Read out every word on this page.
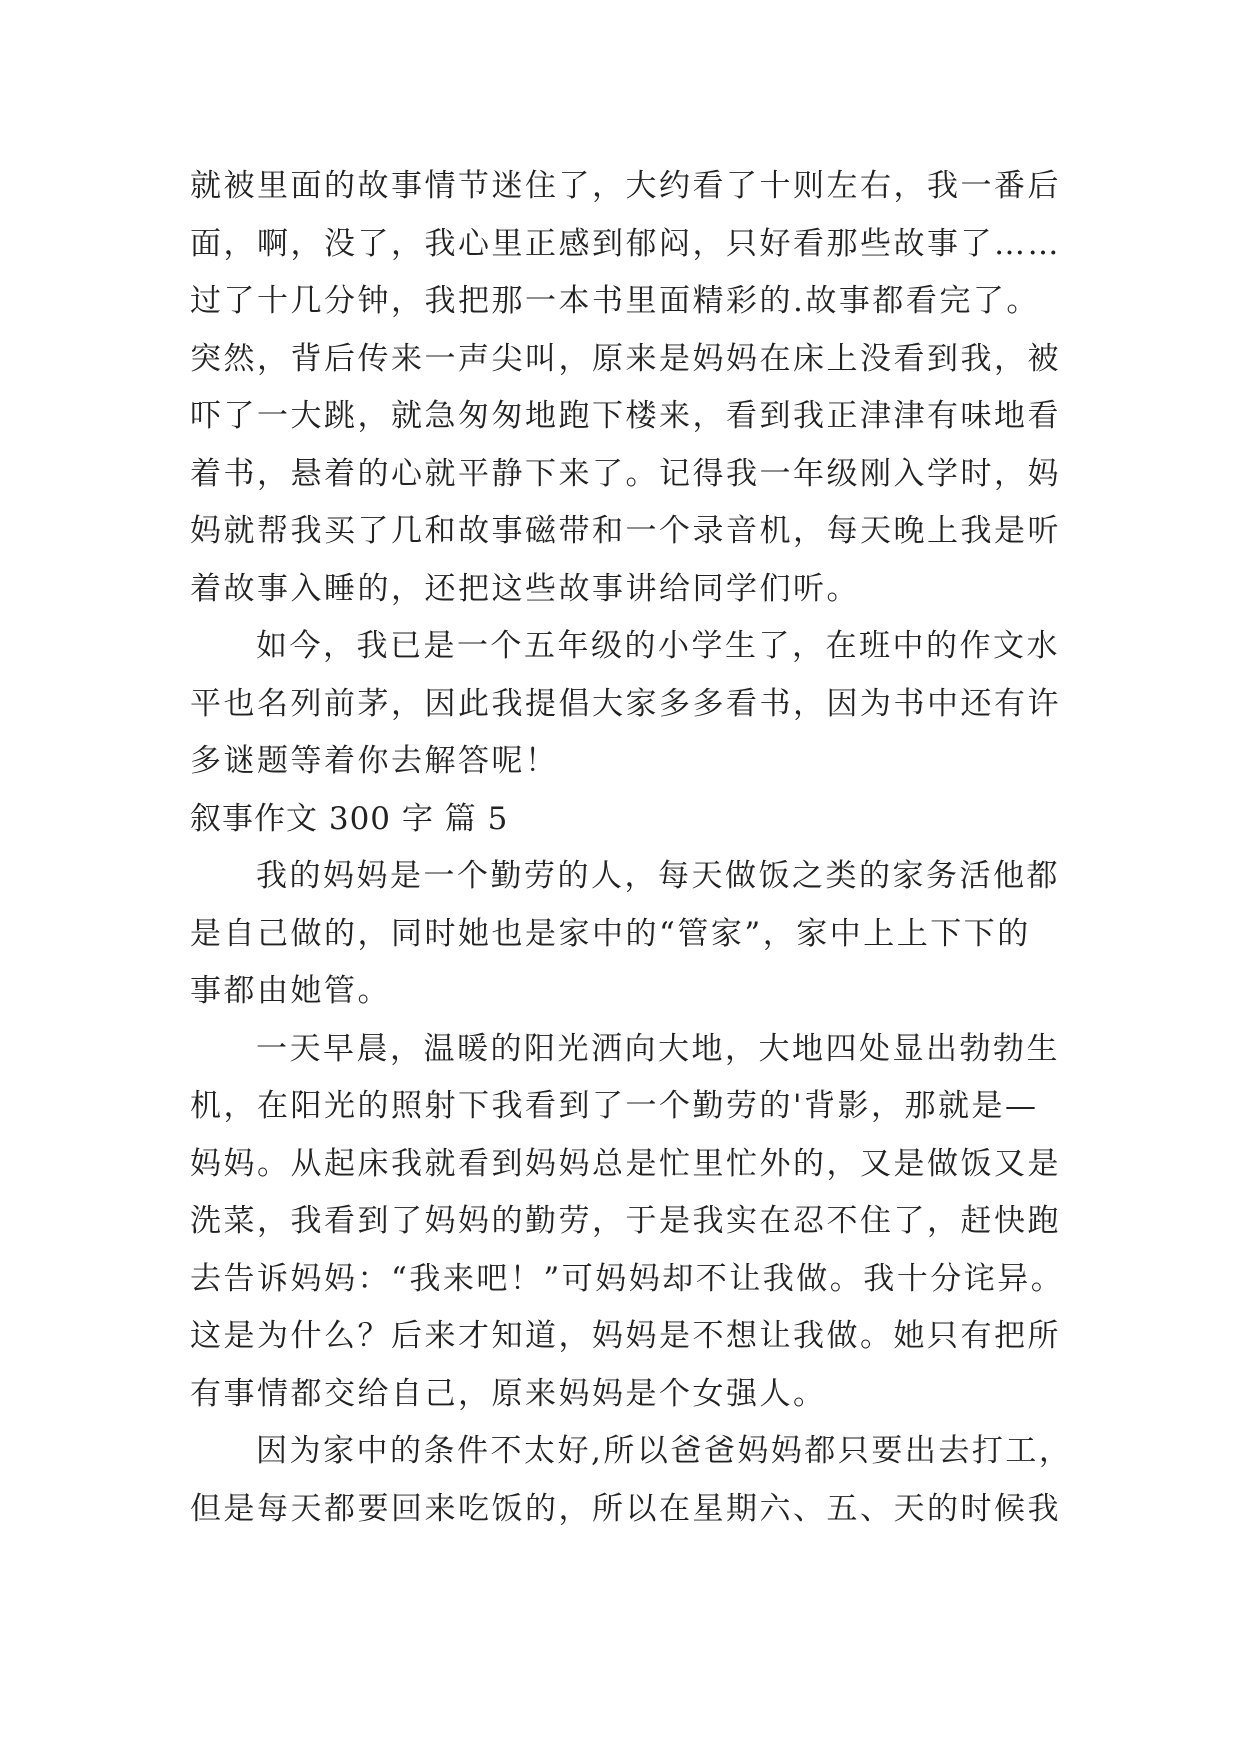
就被里面的故事情节迷住了，大约看了十则左右，我一番后
面，啊，没了，我心里正感到郁闷，只好看那些故事了……
过了十几分钟，我把那一本书里面精彩的.故事都看完了。
突然，背后传来一声尖叫，原来是妈妈在床上没看到我，被
吓了一大跳，就急匆匆地跑下楼来，看到我正津津有味地看
着书，悬着的心就平静下来了。记得我一年级刚入学时，妈
妈就帮我买了几和故事磁带和一个录音机，每天晚上我是听
着故事入睡的，还把这些故事讲给同学们听。
如今，我已是一个五年级的小学生了，在班中的作文水
平也名列前茅，因此我提倡大家多多看书，因为书中还有许
多谜题等着你去解答呢！
叙事作文 300 字 篇 5
我的妈妈是一个勤劳的人，每天做饭之类的家务活他都
是自己做的，同时她也是家中的“管家”，家中上上下下的
事都由她管。
一天早晨，温暖的阳光洒向大地，大地四处显出勃勃生
机，在阳光的照射下我看到了一个勤劳的'背影，那就是—
妈妈。从起床我就看到妈妈总是忙里忙外的，又是做饭又是
洗菜，我看到了妈妈的勤劳，于是我实在忍不住了，赶快跑
去告诉妈妈：“我来吧！”可妈妈却不让我做。我十分诧异。
这是为什么？后来才知道，妈妈是不想让我做。她只有把所
有事情都交给自己，原来妈妈是个女强人。
因为家中的条件不太好,所以爸爸妈妈都只要出去打工，
但是每天都要回来吃饭的，所以在星期六、五、天的时候我
